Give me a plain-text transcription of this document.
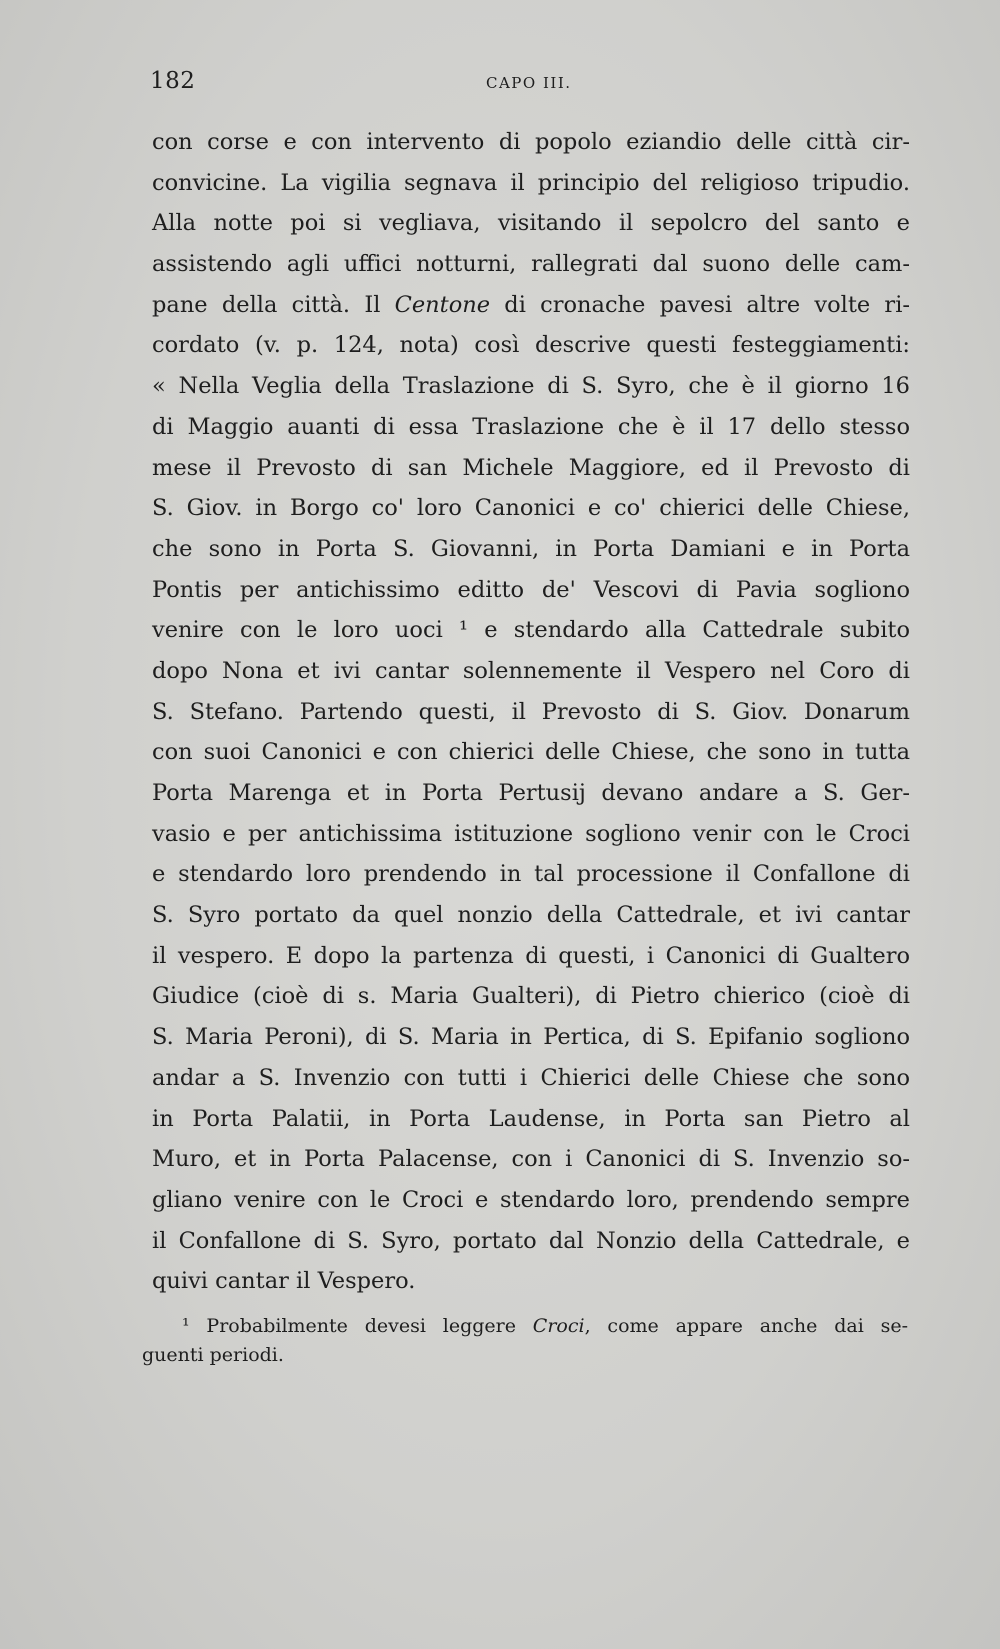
182	CAPO III.
con corse e con intervento di popolo eziandio delle città cir-
convicine. La vigilia segnava il principio del religioso tripudio.
Alla notte poi si vegliava, visitando il sepolcro del santo e
assistendo agli uffici notturni, rallegrati dal suono delle cam-
pane della città. Il Centone di cronache pavesi altre volte ri-
cordato (v. p. 124, nota) così descrive questi festeggiamenti:
« Nella Veglia della Traslazione di S. Syro, che è il giorno 16
di Maggio auanti di essa Traslazione che è il 17 dello stesso
mese il Prevosto di san Michele Maggiore, ed il Prevosto di
S. Giov. in Borgo co' loro Canonici e co' chierici delle Chiese,
che sono in Porta S. Giovanni, in Porta Damiani e in Porta
Pontis per antichissimo editto de' Vescovi di Pavia sogliono
venire con le loro uoci ¹ e stendardo alla Cattedrale subito
dopo Nona et ivi cantar solennemente il Vespero nel Coro di
S. Stefano. Partendo questi, il Prevosto di S. Giov. Donarum
con suoi Canonici e con chierici delle Chiese, che sono in tutta
Porta Marenga et in Porta Pertusij devano andare a S. Ger-
vasio e per antichissima istituzione sogliono venir con le Croci
e stendardo loro prendendo in tal processione il Confallone di
S. Syro portato da quel nonzio della Cattedrale, et ivi cantar
il vespero. E dopo la partenza di questi, i Canonici di Gualtero
Giudice (cioè di s. Maria Gualteri), di Pietro chierico (cioè di
S. Maria Peroni), di S. Maria in Pertica, di S. Epifanio sogliono
andar a S. Invenzio con tutti i Chierici delle Chiese che sono
in Porta Palatii, in Porta Laudense, in Porta san Pietro al
Muro, et in Porta Palacense, con i Canonici di S. Invenzio so-
gliano venire con le Croci e stendardo loro, prendendo sempre
il Confallone di S. Syro, portato dal Nonzio della Cattedrale, e
quivi cantar il Vespero.
¹ Probabilmente devesi leggere Croci, come appare anche dai se-
guenti periodi.
